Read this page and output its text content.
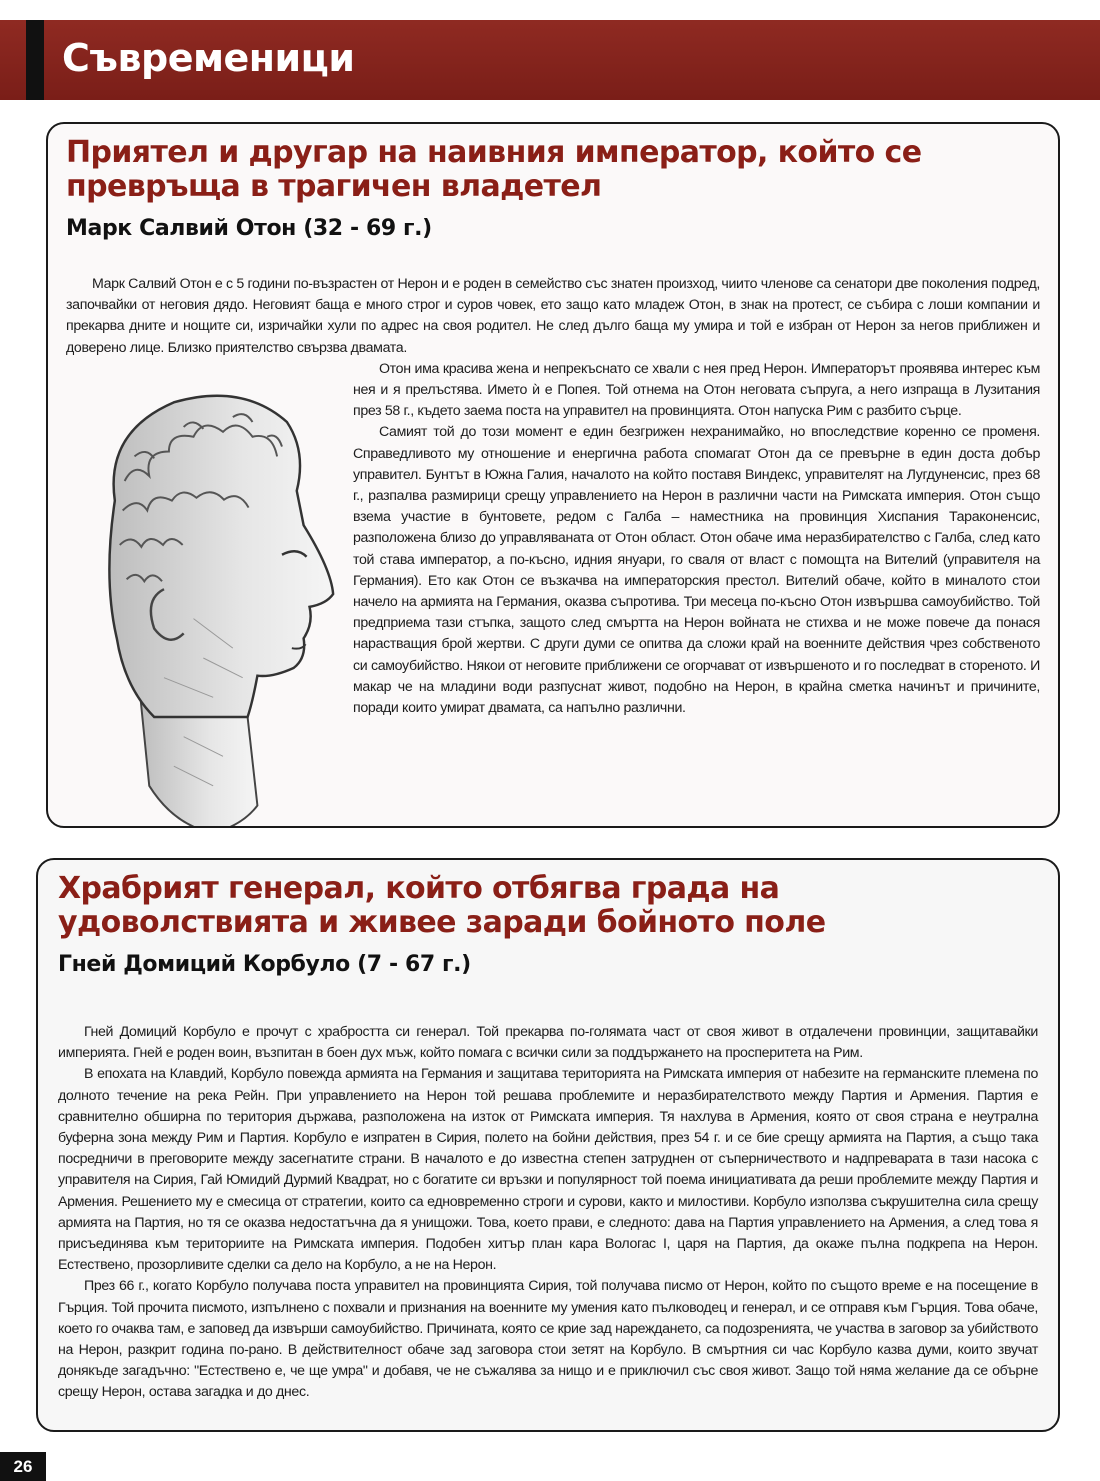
Съвременици
Приятел и другар на наивния император, който се превръща в трагичен владетел
Марк Салвий Отон (32 - 69 г.)

Марк Салвий Отон е с 5 години по-възрастен от Нерон и е роден в семейство със знатен произход, чиито членове са сенатори две поколения подред, започвайки от неговия дядо. Неговият баща е много строг и суров човек, ето защо като младеж Отон, в знак на протест, се събира с лоши компании и прекарва дните и нощите си, изричайки хули по адрес на своя родител. Не след дълго баща му умира и той е избран от Нерон за негов приближен и доверено лице. Близко приятелство свързва двамата.

Отон има красива жена и непрекъснато се хвали с нея пред Нерон. Императорът проявява интерес към нея и я прелъстява. Името ѝ е Попея. Той отнема на Отон неговата съпруга, а него изпраща в Лузитания през 58 г., където заема поста на управител на провинцията. Отон напуска Рим с разбито сърце.

Самият той до този момент е един безгрижен нехранимайко, но впоследствие коренно се променя. Справедливото му отношение и енергична работа спомагат Отон да се превърне в един доста добър управител. Бунтът в Южна Галия, началото на който поставя Виндекс, управителят на Лугдуненсис, през 68 г., разпалва размирици срещу управлението на Нерон в различни части на Римската империя. Отон също взема участие в бунтовете, редом с Галба – наместника на провинция Хиспания Тараконенсис, разположена близо до управляваната от Отон област. Отон обаче има неразбирателство с Галба, след като той става император, а по-късно, идния януари, го сваля от власт с помощта на Вителий (управителя на Германия). Ето как Отон се възкачва на императорския престол. Вителий обаче, който в миналото стои начело на армията на Германия, оказва съпротива. Три месеца по-късно Отон извършва самоубийство. Той предприема тази стъпка, защото след смъртта на Нерон войната не стихва и не може повече да понася нарастващия брой жертви. С други думи се опитва да сложи край на военните действия чрез собственото си самоубийство. Някои от неговите приближени се огорчават от извършеното и го последват в стореното. И макар че на младини води разпуснат живот, подобно на Нерон, в крайна сметка начинът и причините, поради които умират двамата, са напълно различни.

Храбрият генерал, който отбягва града на удоволствията и живее заради бойното поле
Гней Домиций Корбуло (7 - 67 г.)

Гней Домиций Корбуло е прочут с храбростта си генерал. Той прекарва по-голямата част от своя живот в отдалечени провинции, защитавайки империята. Гней е роден воин, възпитан в боен дух мъж, който помага с всички сили за поддържането на просперитета на Рим.

В епохата на Клавдий, Корбуло повежда армията на Германия и защитава територията на Римската империя от набезите на германските племена по долното течение на река Рейн. При управлението на Нерон той решава проблемите и неразбирателството между Партия и Армения. Партия е сравнително обширна по територия държава, разположена на изток от Римската империя. Тя нахлува в Армения, която от своя страна е неутрална буферна зона между Рим и Партия. Корбуло е изпратен в Сирия, полето на бойни действия, през 54 г. и се бие срещу армията на Партия, а също така посредничи в преговорите между засегнатите страни. В началото е до известна степен затруднен от съперничеството и надпреварата в тази насока с управителя на Сирия, Гай Юмидий Дурмий Квадрат, но с богатите си връзки и популярност той поема инициативата да реши проблемите между Партия и Армения. Решението му е смесица от стратегии, които са едновременно строги и сурови, както и милостиви. Корбуло използва съкрушителна сила срещу армията на Партия, но тя се оказва недостатъчна да я унищожи. Това, което прави, е следното: дава на Партия управлението на Армения, а след това я присъединява към териториите на Римската империя. Подобен хитър план кара Вологас I, царя на Партия, да окаже пълна подкрепа на Нерон. Естествено, прозорливите сделки са дело на Корбуло, а не на Нерон.

През 66 г., когато Корбуло получава поста управител на провинцията Сирия, той получава писмо от Нерон, който по същото време е на посещение в Гърция. Той прочита писмото, изпълнено с похвали и признания на военните му умения като пълководец и генерал, и се отправя към Гърция. Това обаче, което го очаква там, е заповед да извърши самоубийство. Причината, която се крие зад нареждането, са подозренията, че участва в заговор за убийството на Нерон, разкрит година по-рано. В действителност обаче зад заговора стои зетят на Корбуло. В смъртния си час Корбуло казва думи, които звучат донякъде загадъчно: "Естествено е, че ще умра" и добавя, че не съжалява за нищо и е приключил със своя живот. Защо той няма желание да се обърне срещу Нерон, остава загадка и до днес.

26
